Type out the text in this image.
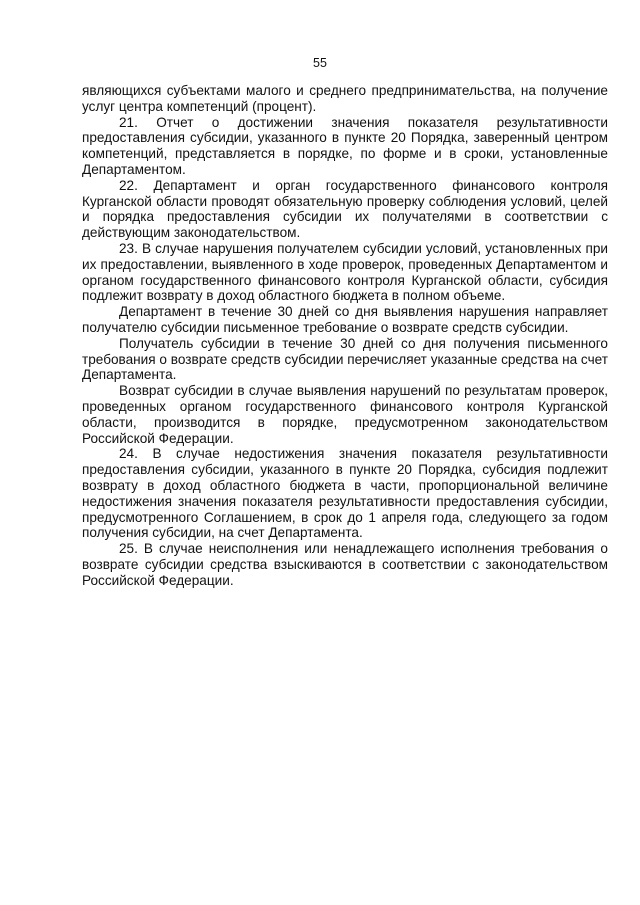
55

являющихся субъектами малого и среднего предпринимательства, на получение услуг центра компетенций (процент).

21. Отчет о достижении значения показателя результативности предоставления субсидии, указанного в пункте 20 Порядка, заверенный центром компетенций, представляется в порядке, по форме и в сроки, установленные Департаментом.

22. Департамент и орган государственного финансового контроля Курганской области проводят обязательную проверку соблюдения условий, целей и порядка предоставления субсидии их получателями в соответствии с действующим законодательством.

23. В случае нарушения получателем субсидии условий, установленных при их предоставлении, выявленного в ходе проверок, проведенных Департаментом и органом государственного финансового контроля Курганской области, субсидия подлежит возврату в доход областного бюджета в полном объеме.

Департамент в течение 30 дней со дня выявления нарушения направляет получателю субсидии письменное требование о возврате средств субсидии.

Получатель субсидии в течение 30 дней со дня получения письменного требования о возврате средств субсидии перечисляет указанные средства на счет Департамента.

Возврат субсидии в случае выявления нарушений по результатам проверок, проведенных органом государственного финансового контроля Курганской области, производится в порядке, предусмотренном законодательством Российской Федерации.

24. В случае недостижения значения показателя результативности предоставления субсидии, указанного в пункте 20 Порядка, субсидия подлежит возврату в доход областного бюджета в части, пропорциональной величине недостижения значения показателя результативности предоставления субсидии, предусмотренного Соглашением, в срок до 1 апреля года, следующего за годом получения субсидии, на счет Департамента.

25. В случае неисполнения или ненадлежащего исполнения требования о возврате субсидии средства взыскиваются в соответствии с законодательством Российской Федерации.
